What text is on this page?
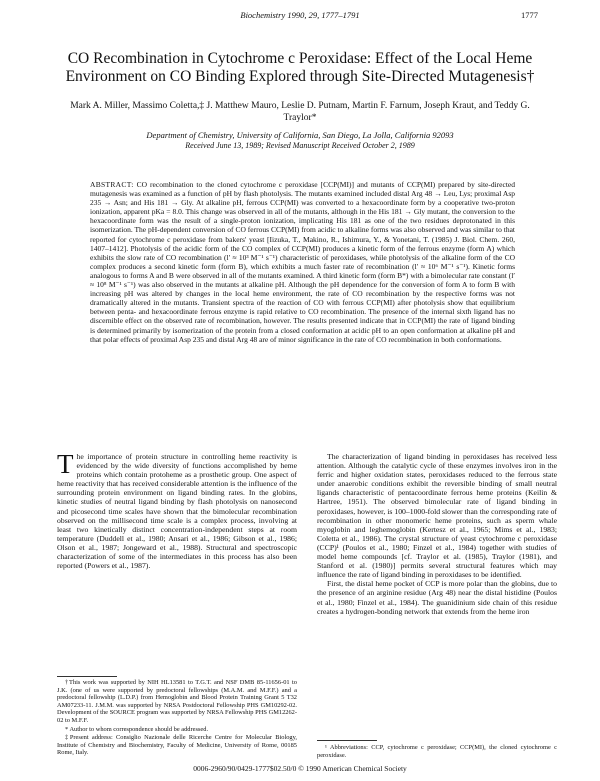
Biochemistry 1990, 29, 1777–1791	1777
CO Recombination in Cytochrome c Peroxidase: Effect of the Local Heme Environment on CO Binding Explored through Site-Directed Mutagenesis†
Mark A. Miller, Massimo Coletta,‡ J. Matthew Mauro, Leslie D. Putnam, Martin F. Farnum, Joseph Kraut, and Teddy G. Traylor*
Department of Chemistry, University of California, San Diego, La Jolla, California 92093
Received June 13, 1989; Revised Manuscript Received October 2, 1989
ABSTRACT: CO recombination to the cloned cytochrome c peroxidase [CCP(MI)] and mutants of CCP(MI) prepared by site-directed mutagenesis was examined as a function of pH by flash photolysis. The mutants examined included distal Arg 48 → Leu, Lys; proximal Asp 235 → Asn; and His 181 → Gly. At alkaline pH, ferrous CCP(MI) was converted to a hexacoordinate form by a cooperative two-proton ionization, apparent pKa = 8.0. This change was observed in all of the mutants, although in the His 181 → Gly mutant, the conversion to the hexacoordinate form was the result of a single-proton ionization, implicating His 181 as one of the two residues deprotonated in this isomerization. The pH-dependent conversion of CO ferrous CCP(MI) from acidic to alkaline forms was also observed and was similar to that reported for cytochrome c peroxidase from bakers' yeast [Iizuka, T., Makino, R., Ishimura, Y., & Yonetani, T. (1985) J. Biol. Chem. 260, 1407–1412]. Photolysis of the acidic form of the CO complex of CCP(MI) produces a kinetic form of the ferrous enzyme (form A) which exhibits the slow rate of CO recombination (l′ ≈ 10³ M⁻¹ s⁻¹) characteristic of peroxidases, while photolysis of the alkaline form of the CO complex produces a second kinetic form (form B), which exhibits a much faster rate of recombination (l′ ≈ 10⁶ M⁻¹ s⁻¹). Kinetic forms analogous to forms A and B were observed in all of the mutants examined. A third kinetic form (form B*) with a bimolecular rate constant (l′ ≈ 10⁸ M⁻¹ s⁻¹) was also observed in the mutants at alkaline pH. Although the pH dependence for the conversion of form A to form B with increasing pH was altered by changes in the local heme environment, the rate of CO recombination by the respective forms was not dramatically altered in the mutants. Transient spectra of the reaction of CO with ferrous CCP(MI) after photolysis show that equilibrium between penta- and hexacoordinate ferrous enzyme is rapid relative to CO recombination. The presence of the internal sixth ligand has no discernible effect on the observed rate of recombination, however. The results presented indicate that in CCP(MI) the rate of ligand binding is determined primarily by isomerization of the protein from a closed conformation at acidic pH to an open conformation at alkaline pH and that polar effects of proximal Asp 235 and distal Arg 48 are of minor significance in the rate of CO recombination in both conformations.

The importance of protein structure in controlling heme reactivity is evidenced by the wide diversity of functions accomplished by heme proteins which contain protoheme as a prosthetic group. One aspect of heme reactivity that has received considerable attention is the influence of the surrounding protein environment on ligand binding rates. In the globins, kinetic studies of neutral ligand binding by flash photolysis on nanosecond and picosecond time scales have shown that the bimolecular recombination observed on the millisecond time scale is a complex process, involving at least two kinetically distinct concentration-independent steps at room temperature (Duddell et al., 1980; Ansari et al., 1986; Gibson et al., 1986; Olson et al., 1987; Jongeward et al., 1988). Structural and spectroscopic characterization of some of the intermediates in this process has also been reported (Powers et al., 1987).

The characterization of ligand binding in peroxidases has received less attention. Although the catalytic cycle of these enzymes involves iron in the ferric and higher oxidation states, peroxidases reduced to the ferrous state under anaerobic conditions exhibit the reversible binding of small neutral ligands characteristic of pentacoordinate ferrous heme proteins (Keilin & Hartree, 1951). The observed bimolecular rate of ligand binding in peroxidases, however, is 100–1000-fold slower than the corresponding rate of recombination in other monomeric heme proteins, such as sperm whale myoglobin and leghemoglobin (Kertesz et al., 1965; Mims et al., 1983; Coletta et al., 1986). The crystal structure of yeast cytochrome c peroxidase (CCP)¹ (Poulos et al., 1980; Finzel et al., 1984) together with studies of model heme compounds [cf. Traylor et al. (1985), Traylor (1981), and Stanford et al. (1980)] permits several structural features which may influence the rate of ligand binding in peroxidases to be identified.

First, the distal heme pocket of CCP is more polar than the globins, due to the presence of an arginine residue (Arg 48) near the distal histidine (Poulos et al., 1980; Finzel et al., 1984). The guanidinium side chain of this residue creates a hydrogen-bonding network that extends from the heme iron

†This work was supported by NIH HL13581 to T.G.T. and NSF DMB 85-11656-01 to J.K. (one of us were supported by predoctoral fellowships (M.A.M. and M.F.F.) and a predoctoral fellowship (L.D.P.) from Hemoglobin and Blood Protein Training Grant 5 T32 AM07233-11. J.M.M. was supported by NRSA Postdoctoral Fellowship PHS GM10292-02. Development of the SOURCE program was supported by NRSA Fellowship PHS GM12262-02 to M.F.F.

* Author to whom correspondence should be addressed.

‡Present address: Consiglio Nazionale delle Ricerche Centre for Molecular Biology, Institute of Chemistry and Biochemistry, Faculty of Medicine, University of Rome, 00185 Rome, Italy.

¹ Abbreviations: CCP, cytochrome c peroxidase; CCP(MI), the cloned cytochrome c peroxidase.
0006-2960/90/0429-1777$02.50/0 © 1990 American Chemical Society
